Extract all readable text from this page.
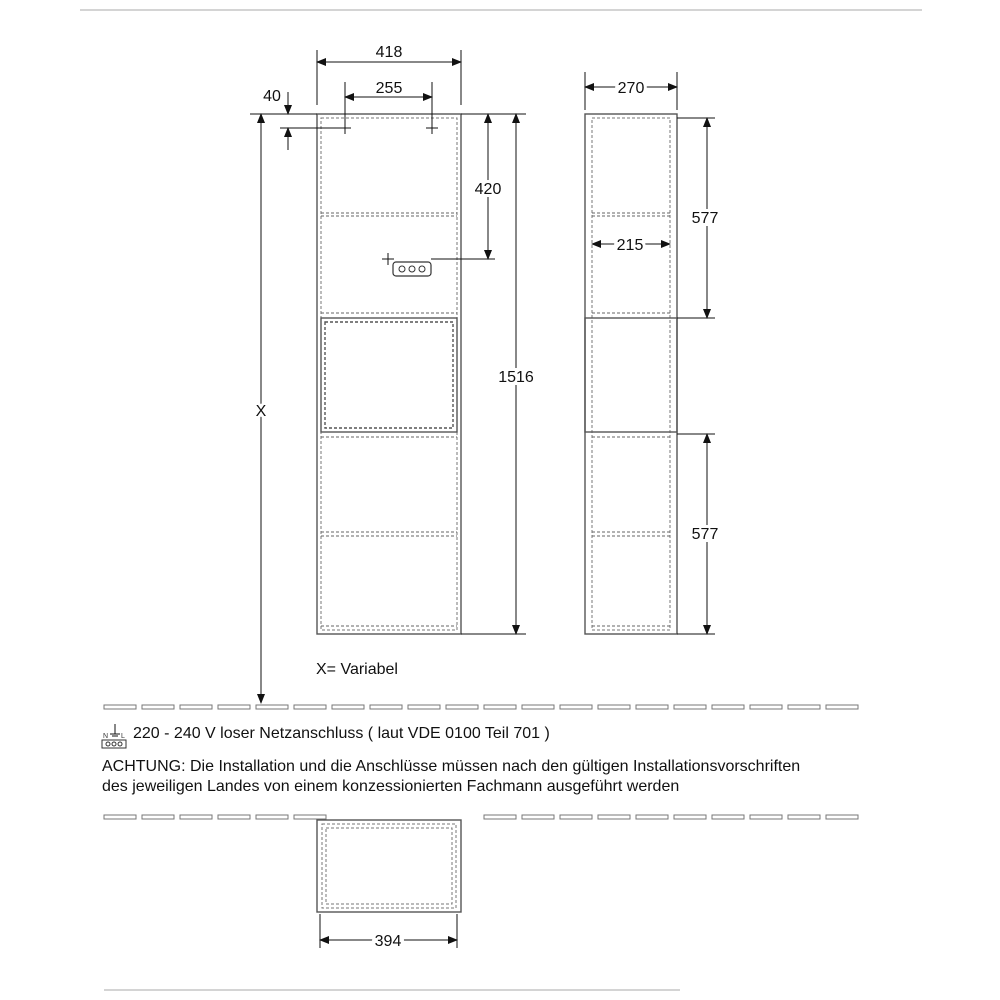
418
255
40
420
1516
X
270
577
215
577
N L
394
X= Variabel
220 - 240 V loser Netzanschluss ( laut VDE 0100 Teil 701 )
ACHTUNG: Die Installation und die Anschlüsse müssen nach den gültigen Installationsvorschriften
des jeweiligen Landes von einem konzessionierten Fachmann ausgeführt werden
